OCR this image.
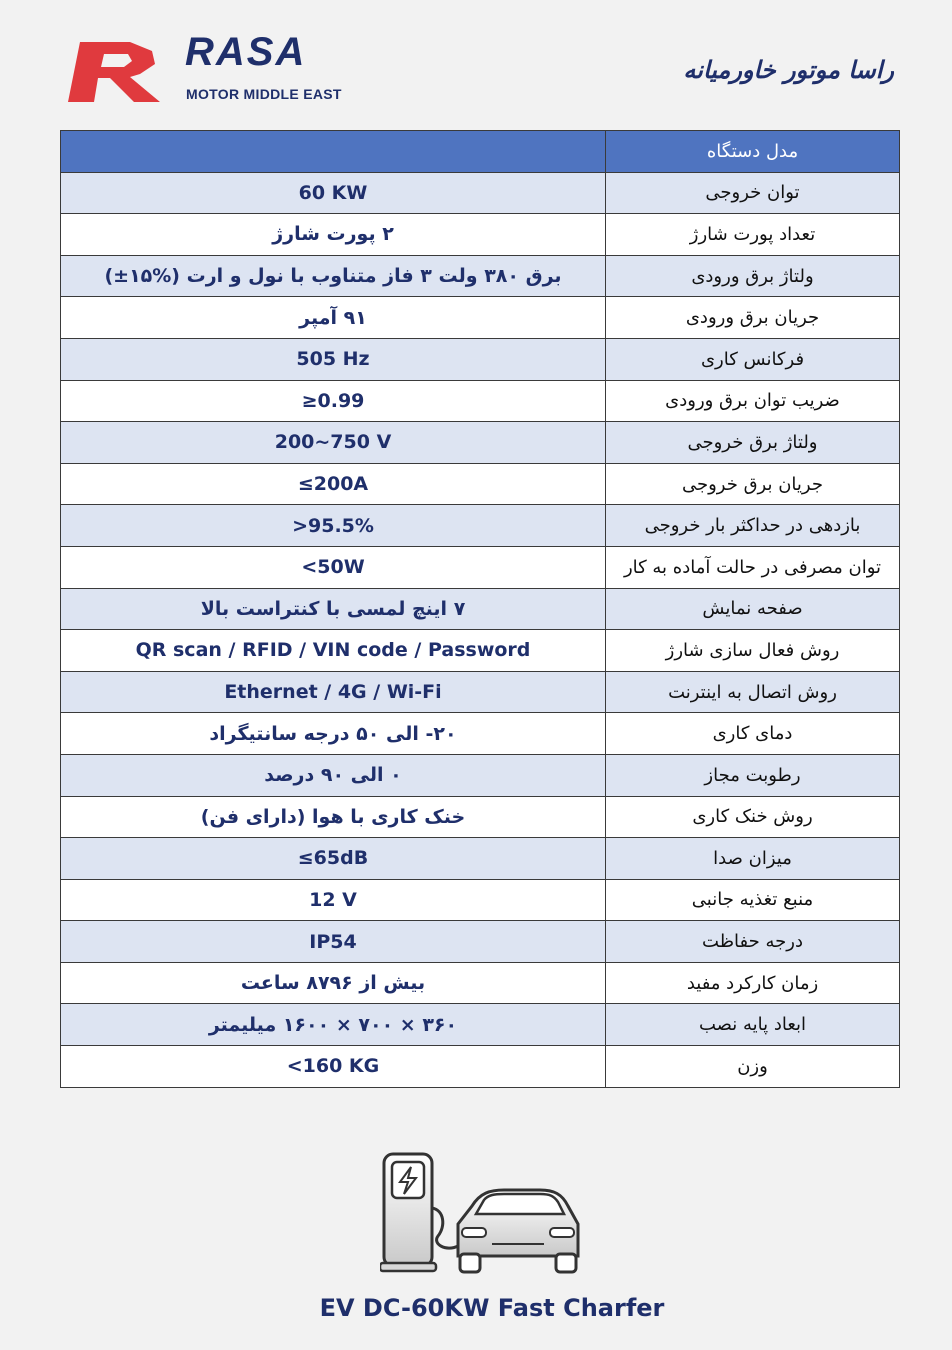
RASA
MOTOR MIDDLE EAST
راسا موتور خاورمیانه
	مدل دستگاه
60 KW	توان خروجی
۲ پورت شارژ	تعداد پورت شارژ
برق ۳۸۰ ولت ۳ فاز متناوب با نول و ارت (%۱۵±)	ولتاژ برق ورودی
۹۱ آمپر	جریان برق ورودی
505 Hz	فرکانس کاری
≥0.99	ضریب توان برق ورودی
200~750 V	ولتاژ برق خروجی
≤200A	جریان برق خروجی
>95.5%	بازدهی در حداکثر بار خروجی
<50W	توان مصرفی در حالت آماده به کار
۷ اینچ لمسی با کنتراست بالا	صفحه نمایش
QR scan / RFID / VIN code / Password	روش فعال سازی شارژ
Ethernet / 4G / Wi-Fi	روش اتصال به اینترنت
۲۰- الی ۵۰ درجه سانتیگراد	دمای کاری
۰ الی ۹۰ درصد	رطوبت مجاز
خنک کاری با هوا (دارای فن)	روش خنک کاری
≤65dB	میزان صدا
12 V	منبع تغذیه جانبی
IP54	درجه حفاظت
بیش از ۸۷۹۶ ساعت	زمان کارکرد مفید
۳۶۰ × ۷۰۰ × ۱۶۰۰ میلیمتر	ابعاد پایه نصب
<160 KG	وزن
EV DC-60KW Fast Charfer
